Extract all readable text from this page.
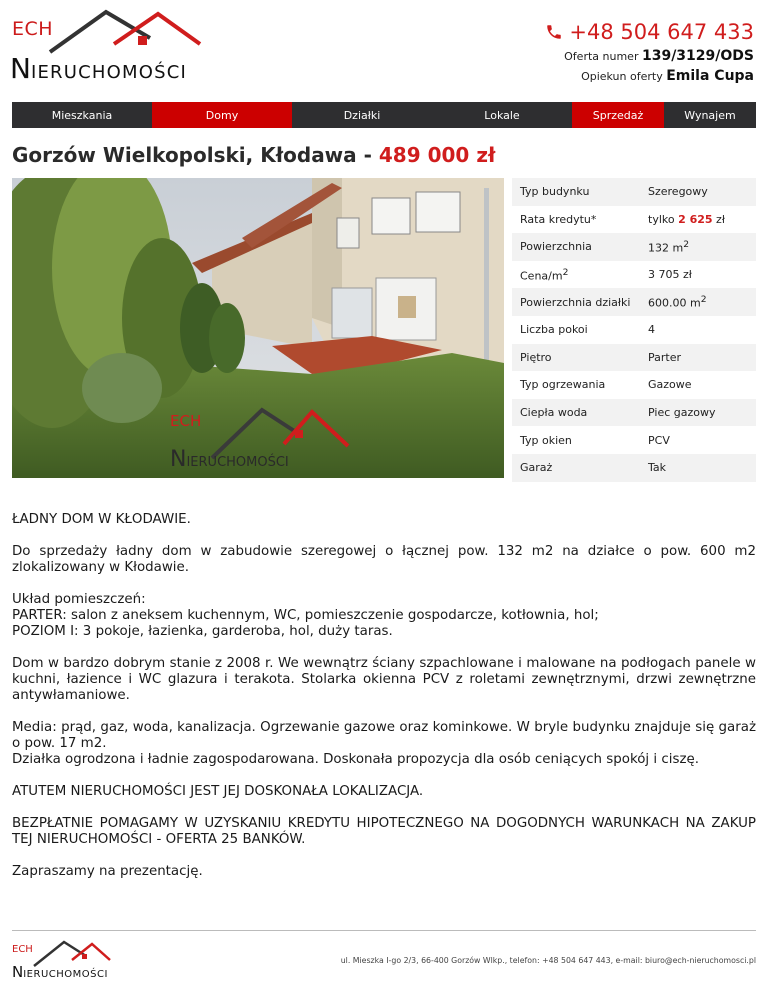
ECH
NIERUCHOMOŚCI
+48 504 647 433
Oferta numer 139/3129/ODS
Opiekun oferty Emila Cupa
Mieszkania	Domy	Działki	Lokale	Sprzedaż	Wynajem
Gorzów Wielkopolski, Kłodawa - 489 000 zł
ECH
NIERUCHOMOŚCI
Typ budynku	Szeregowy
Rata kredytu*	tylko 2 625 zł
Powierzchnia	132 $m^2$
Cena/$m^2$	3 705 zł
Powierzchnia działki	600.00 $m^2$
Liczba pokoi	4
Piętro	Parter
Typ ogrzewania	Gazowe
Ciepła woda	Piec gazowy
Typ okien	PCV
Garaż	Tak

ŁADNY DOM W KŁODAWIE.

Do sprzedaży ładny dom w zabudowie szeregowej o łącznej pow. 132 m2 na działce o pow. 600 m2 zlokalizowany w Kłodawie.

Układ pomieszczeń:
PARTER: salon z aneksem kuchennym, WC, pomieszczenie gospodarcze, kotłownia, hol;
POZIOM I: 3 pokoje, łazienka, garderoba, hol, duży taras.

Dom w bardzo dobrym stanie z 2008 r. We wewnątrz ściany szpachlowane i malowane na podłogach panele w kuchni, łazience i WC glazura i terakota. Stolarka okienna PCV z roletami zewnętrznymi, drzwi zewnętrzne antywłamaniowe.

Media: prąd, gaz, woda, kanalizacja. Ogrzewanie gazowe oraz kominkowe. W bryle budynku znajduje się garaż o pow. 17 m2.
Działka ogrodzona i ładnie zagospodarowana. Doskonała propozycja dla osób ceniących spokój i ciszę.

ATUTEM NIERUCHOMOŚCI JEST JEJ DOSKONAŁA LOKALIZACJA.

BEZPŁATNIE POMAGAMY W UZYSKANIU KREDYTU HIPOTECZNEGO NA DOGODNYCH WARUNKACH NA ZAKUP TEJ NIERUCHOMOŚCI - OFERTA 25 BANKÓW.

Zapraszamy na prezentację.

ECH
NIERUCHOMOŚCI
ul. Mieszka I-go 2/3, 66-400 Gorzów Wlkp., telefon: +48 504 647 443, e-mail: biuro@ech-nieruchomosci.pl
